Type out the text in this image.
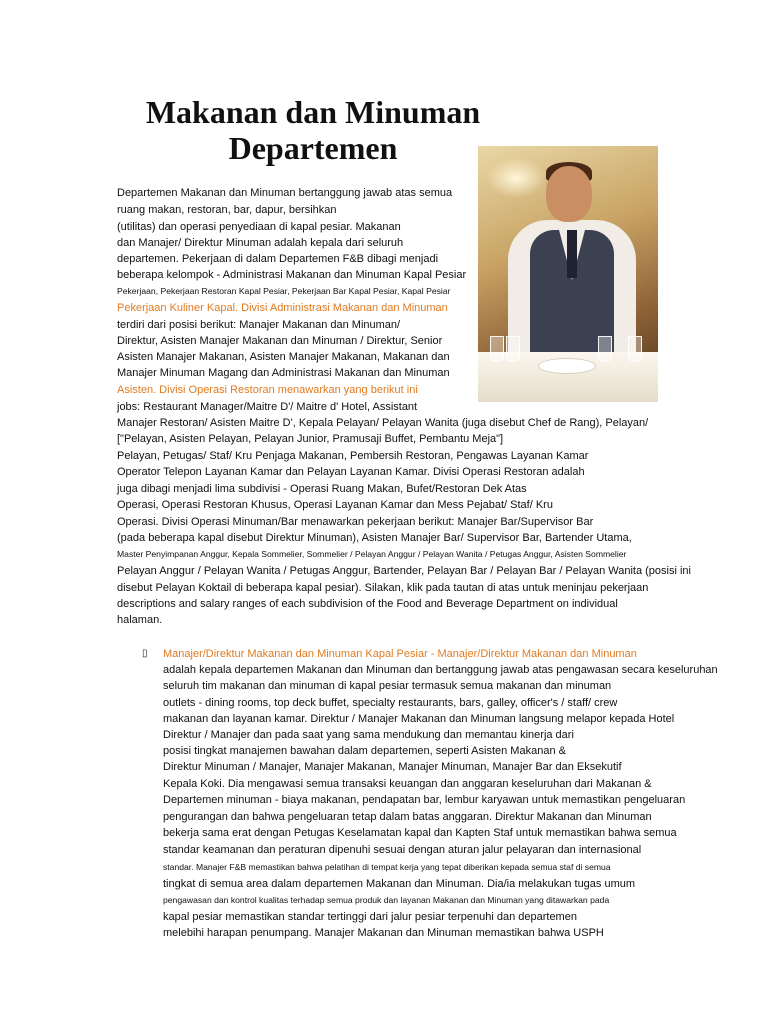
Makanan dan Minuman
Departemen
Departemen Makanan dan Minuman bertanggung jawab atas semua
ruang makan, restoran, bar, dapur, bersihkan
(utilitas) dan operasi penyediaan di kapal pesiar. Makanan
dan Manajer/ Direktur Minuman adalah kepala dari seluruh
departemen. Pekerjaan di dalam Departemen F&B dibagi menjadi
beberapa kelompok - Administrasi Makanan dan Minuman Kapal Pesiar
Pekerjaan, Pekerjaan Restoran Kapal Pesiar, Pekerjaan Bar Kapal Pesiar, Kapal Pesiar
Pekerjaan Kuliner Kapal. Divisi Administrasi Makanan dan Minuman
terdiri dari posisi berikut: Manajer Makanan dan Minuman/
Direktur, Asisten Manajer Makanan dan Minuman / Direktur, Senior
Asisten Manajer Makanan, Asisten Manajer Makanan, Makanan dan
Manajer Minuman Magang dan Administrasi Makanan dan Minuman
Asisten. Divisi Operasi Restoran menawarkan yang berikut ini
jobs: Restaurant Manager/Maitre D'/ Maitre d' Hotel, Assistant
Manajer Restoran/ Asisten Maitre D', Kepala Pelayan/ Pelayan Wanita (juga disebut Chef de Rang), Pelayan/
["Pelayan, Asisten Pelayan, Pelayan Junior, Pramusaji Buffet, Pembantu Meja"]
Pelayan, Petugas/ Staf/ Kru Penjaga Makanan, Pembersih Restoran, Pengawas Layanan Kamar
Operator Telepon Layanan Kamar dan Pelayan Layanan Kamar. Divisi Operasi Restoran adalah
juga dibagi menjadi lima subdivisi - Operasi Ruang Makan, Bufet/Restoran Dek Atas
Operasi, Operasi Restoran Khusus, Operasi Layanan Kamar dan Mess Pejabat/ Staf/ Kru
Operasi. Divisi Operasi Minuman/Bar menawarkan pekerjaan berikut: Manajer Bar/Supervisor Bar
(pada beberapa kapal disebut Direktur Minuman), Asisten Manajer Bar/ Supervisor Bar, Bartender Utama,
Master Penyimpanan Anggur, Kepala Sommelier, Sommelier / Pelayan Anggur / Pelayan Wanita / Petugas Anggur, Asisten Sommelier
Pelayan Anggur / Pelayan Wanita / Petugas Anggur, Bartender, Pelayan Bar / Pelayan Bar / Pelayan Wanita (posisi ini
disebut Pelayan Koktail di beberapa kapal pesiar). Silakan, klik pada tautan di atas untuk meninjau pekerjaan
descriptions and salary ranges of each subdivision of the Food and Beverage Department on individual
halaman.
Manajer/Direktur Makanan dan Minuman Kapal Pesiar - Manajer/Direktur Makanan dan Minuman
adalah kepala departemen Makanan dan Minuman dan bertanggung jawab atas pengawasan secara keseluruhan
seluruh tim makanan dan minuman di kapal pesiar termasuk semua makanan dan minuman
outlets - dining rooms, top deck buffet, specialty restaurants, bars, galley, officer's / staff/ crew
makanan dan layanan kamar. Direktur / Manajer Makanan dan Minuman langsung melapor kepada Hotel
Direktur / Manajer dan pada saat yang sama mendukung dan memantau kinerja dari
posisi tingkat manajemen bawahan dalam departemen, seperti Asisten Makanan &
Direktur Minuman / Manajer, Manajer Makanan, Manajer Minuman, Manajer Bar dan Eksekutif
Kepala Koki. Dia mengawasi semua transaksi keuangan dan anggaran keseluruhan dari Makanan &
Departemen minuman - biaya makanan, pendapatan bar, lembur karyawan untuk memastikan pengeluaran
pengurangan dan bahwa pengeluaran tetap dalam batas anggaran. Direktur Makanan dan Minuman
bekerja sama erat dengan Petugas Keselamatan kapal dan Kapten Staf untuk memastikan bahwa semua
standar keamanan dan peraturan dipenuhi sesuai dengan aturan jalur pelayaran dan internasional
standar. Manajer F&B memastikan bahwa pelatihan di tempat kerja yang tepat diberikan kepada semua staf di semua
tingkat di semua area dalam departemen Makanan dan Minuman. Dia/ia melakukan tugas umum
pengawasan dan kontrol kualitas terhadap semua produk dan layanan Makanan dan Minuman yang ditawarkan pada
kapal pesiar memastikan standar tertinggi dari jalur pesiar terpenuhi dan departemen
melebihi harapan penumpang. Manajer Makanan dan Minuman memastikan bahwa USPH
▯
